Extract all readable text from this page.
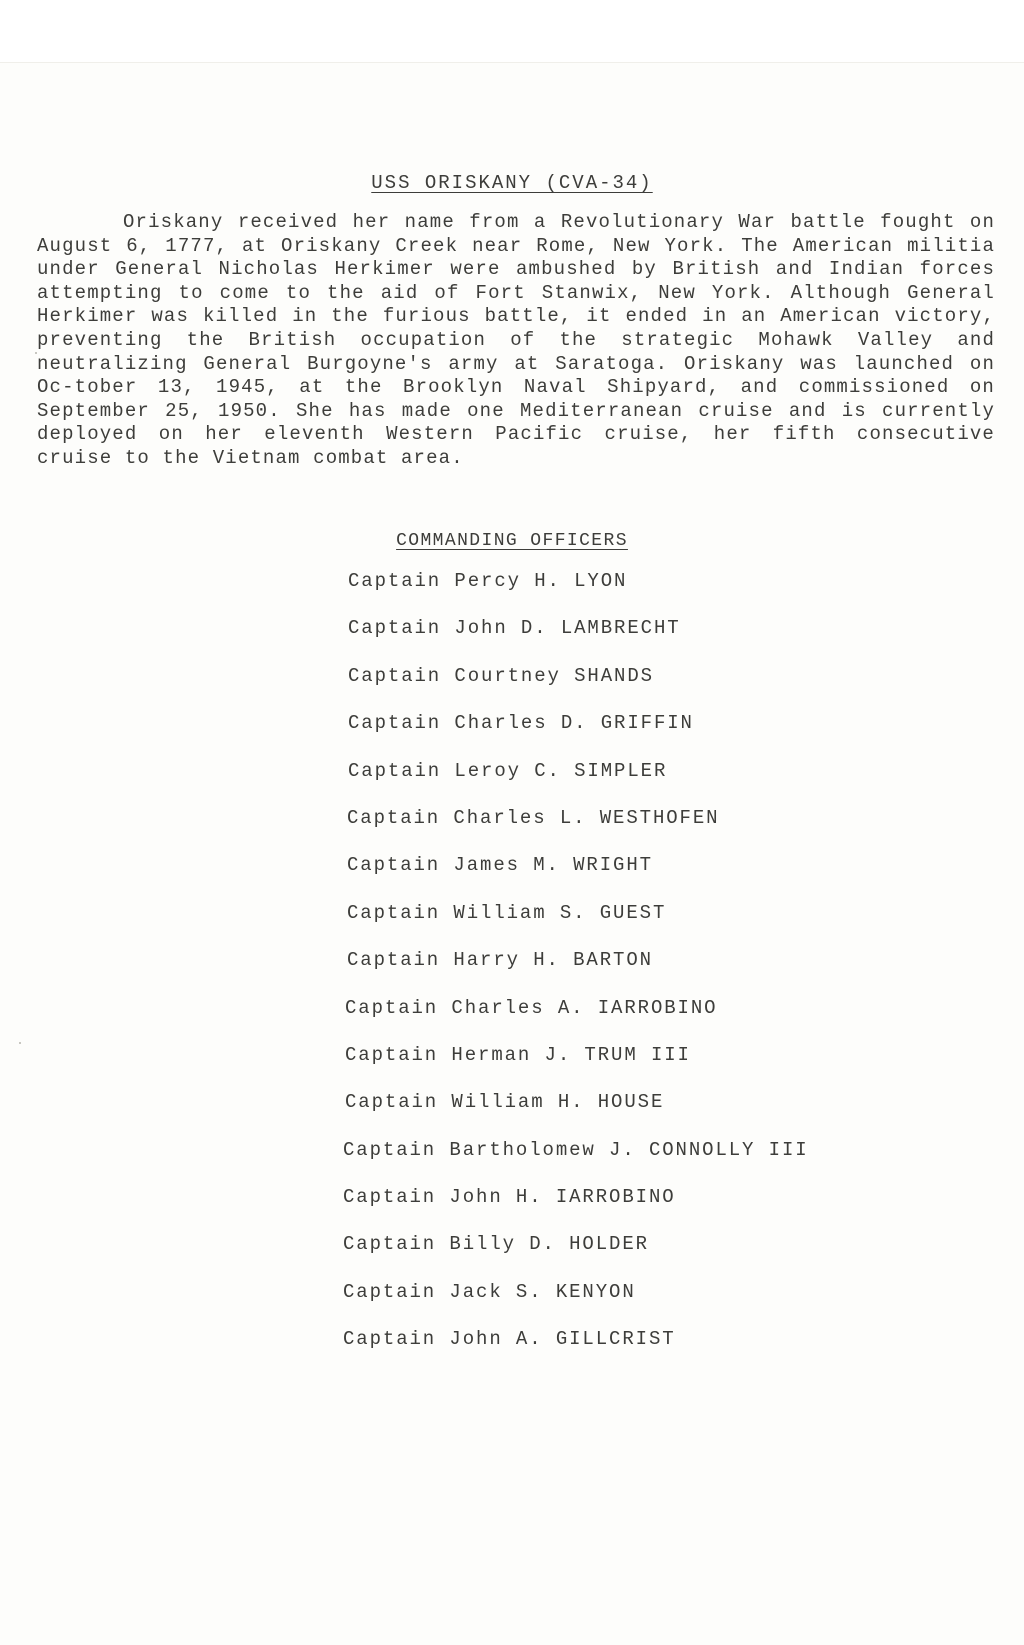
USS ORISKANY (CVA-34)

Oriskany received her name from a Revolutionary War battle fought on August 6, 1777, at Oriskany Creek near Rome, New York. The American militia under General Nicholas Herkimer were ambushed by British and Indian forces attempting to come to the aid of Fort Stanwix, New York. Although General Herkimer was killed in the furious battle, it ended in an American victory, preventing the British occupation of the strategic Mohawk Valley and neutralizing General Burgoyne's army at Saratoga. Oriskany was launched on Oc-tober 13, 1945, at the Brooklyn Naval Shipyard, and commissioned on September 25, 1950. She has made one Mediterranean cruise and is currently deployed on her eleventh Western Pacific cruise, her fifth consecutive cruise to the Vietnam combat area.

COMMANDING OFFICERS
Captain Percy H. LYON
Captain John D. LAMBRECHT
Captain Courtney SHANDS
Captain Charles D. GRIFFIN
Captain Leroy C. SIMPLER
Captain Charles L. WESTHOFEN
Captain James M. WRIGHT
Captain William S. GUEST
Captain Harry H. BARTON
Captain Charles A. IARROBINO
Captain Herman J. TRUM III
Captain William H. HOUSE
Captain Bartholomew J. CONNOLLY III
Captain John H. IARROBINO
Captain Billy D. HOLDER
Captain Jack S. KENYON
Captain John A. GILLCRIST
